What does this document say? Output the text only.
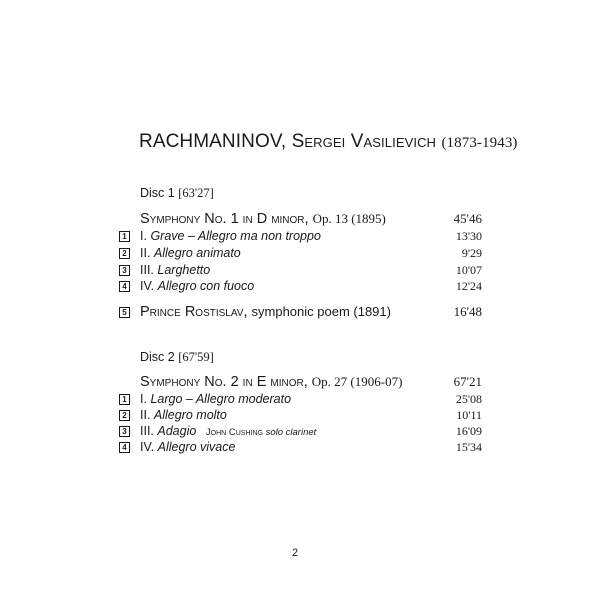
RACHMANINOV, Sergei Vasilievich (1873-1943)
Disc 1 [63'27]
Symphony No. 1 in D minor, Op. 13 (1895)	45'46
1 I. Grave – Allegro ma non troppo	13'30
2 II. Allegro animato	9'29
3 III. Larghetto	10'07
4 IV. Allegro con fuoco	12'24
5 Prince Rostislav, symphonic poem (1891)	16'48
Disc 2 [67'59]
Symphony No. 2 in E minor, Op. 27 (1906-07)	67'21
1 I. Largo – Allegro moderato	25'08
2 II. Allegro molto	10'11
3 III. Adagio John Cushing solo clarinet	16'09
4 IV. Allegro vivace	15'34
2
